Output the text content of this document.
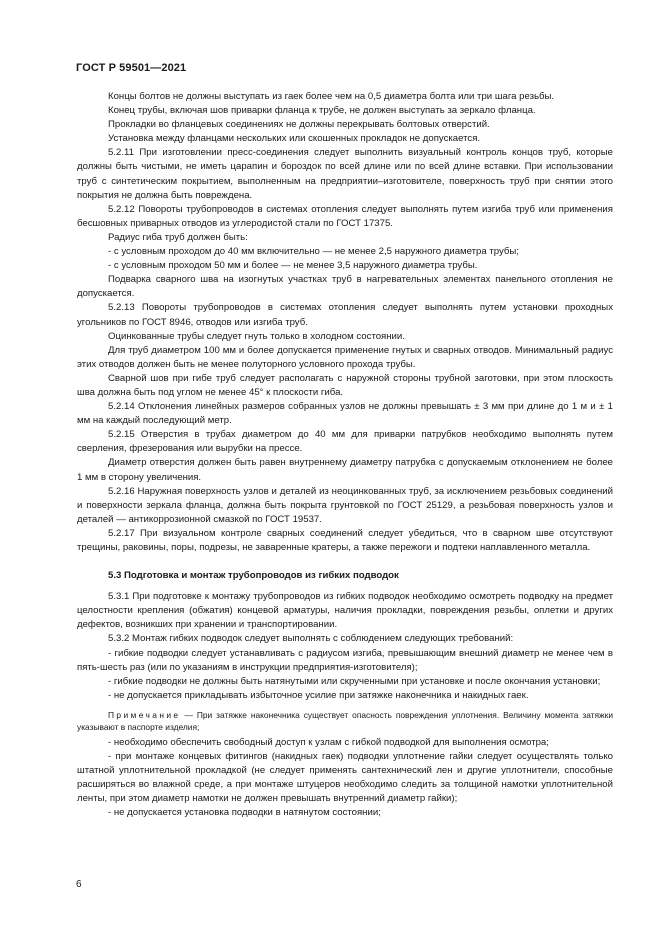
ГОСТ Р 59501—2021

Концы болтов не должны выступать из гаек более чем на 0,5 диаметра болта или три шага резьбы.

Конец трубы, включая шов приварки фланца к трубе, не должен выступать за зеркало фланца.

Прокладки во фланцевых соединениях не должны перекрывать болтовых отверстий.

Установка между фланцами нескольких или скошенных прокладок не допускается.

5.2.11 При изготовлении пресс-соединения следует выполнить визуальный контроль концов труб, которые должны быть чистыми, не иметь царапин и бороздок по всей длине или по всей длине вставки. При использовании труб с синтетическим покрытием, выполненным на предприятии–изготовителе, поверхность труб при снятии этого покрытия не должна быть повреждена.

5.2.12 Повороты трубопроводов в системах отопления следует выполнять путем изгиба труб или применения бесшовных приварных отводов из углеродистой стали по ГОСТ 17375.

Радиус гиба труб должен быть:

- с условным проходом до 40 мм включительно — не менее 2,5 наружного диаметра трубы;

- с условным проходом 50 мм и более — не менее 3,5 наружного диаметра трубы.

Подварка сварного шва на изогнутых участках труб в нагревательных элементах панельного отопления не допускается.

5.2.13 Повороты трубопроводов в системах отопления следует выполнять путем установки проходных угольников по ГОСТ 8946, отводов или изгиба труб.

Оцинкованные трубы следует гнуть только в холодном состоянии.

Для труб диаметром 100 мм и более допускается применение гнутых и сварных отводов. Минимальный радиус этих отводов должен быть не менее полуторного условного прохода трубы.

Сварной шов при гибе труб следует располагать с наружной стороны трубной заготовки, при этом плоскость шва должна быть под углом не менее 45° к плоскости гиба.

5.2.14 Отклонения линейных размеров собранных узлов не должны превышать ± 3 мм при длине до 1 м и ± 1 мм на каждый последующий метр.

5.2.15 Отверстия в трубах диаметром до 40 мм для приварки патрубков необходимо выполнять путем сверления, фрезерования или вырубки на прессе.

Диаметр отверстия должен быть равен внутреннему диаметру патрубка с допускаемым отклонением не более 1 мм в сторону увеличения.

5.2.16 Наружная поверхность узлов и деталей из неоцинкованных труб, за исключением резьбовых соединений и поверхности зеркала фланца, должна быть покрыта грунтовкой по ГОСТ 25129, а резьбовая поверхность узлов и деталей — антикоррозионной смазкой по ГОСТ 19537.

5.2.17 При визуальном контроле сварных соединений следует убедиться, что в сварном шве отсутствуют трещины, раковины, поры, подрезы, не заваренные кратеры, а также пережоги и подтеки наплавленного металла.

5.3 Подготовка и монтаж трубопроводов из гибких подводок

5.3.1 При подготовке к монтажу трубопроводов из гибких подводок необходимо осмотреть подводку на предмет целостности крепления (обжатия) концевой арматуры, наличия прокладки, повреждения резьбы, оплетки и других дефектов, возникших при хранении и транспортировании.

5.3.2 Монтаж гибких подводок следует выполнять с соблюдением следующих требований:

- гибкие подводки следует устанавливать с радиусом изгиба, превышающим внешний диаметр не менее чем в пять-шесть раз (или по указаниям в инструкции предприятия-изготовителя);

- гибкие подводки не должны быть натянутыми или скрученными при установке и после окончания установки;

- не допускается прикладывать избыточное усилие при затяжке наконечника и накидных гаек.

Примечание — При затяжке наконечника существует опасность повреждения уплотнения. Величину момента затяжки указывают в паспорте изделия;

- необходимо обеспечить свободный доступ к узлам с гибкой подводкой для выполнения осмотра;

- при монтаже концевых фитингов (накидных гаек) подводки уплотнение гайки следует осуществлять только штатной уплотнительной прокладкой (не следует применять сантехнический лен и другие уплотнители, способные расширяться во влажной среде, а при монтаже штуцеров необходимо следить за толщиной намотки уплотнительной ленты, при этом диаметр намотки не должен превышать внутренний диаметр гайки);

- не допускается установка подводки в натянутом состоянии;

6
